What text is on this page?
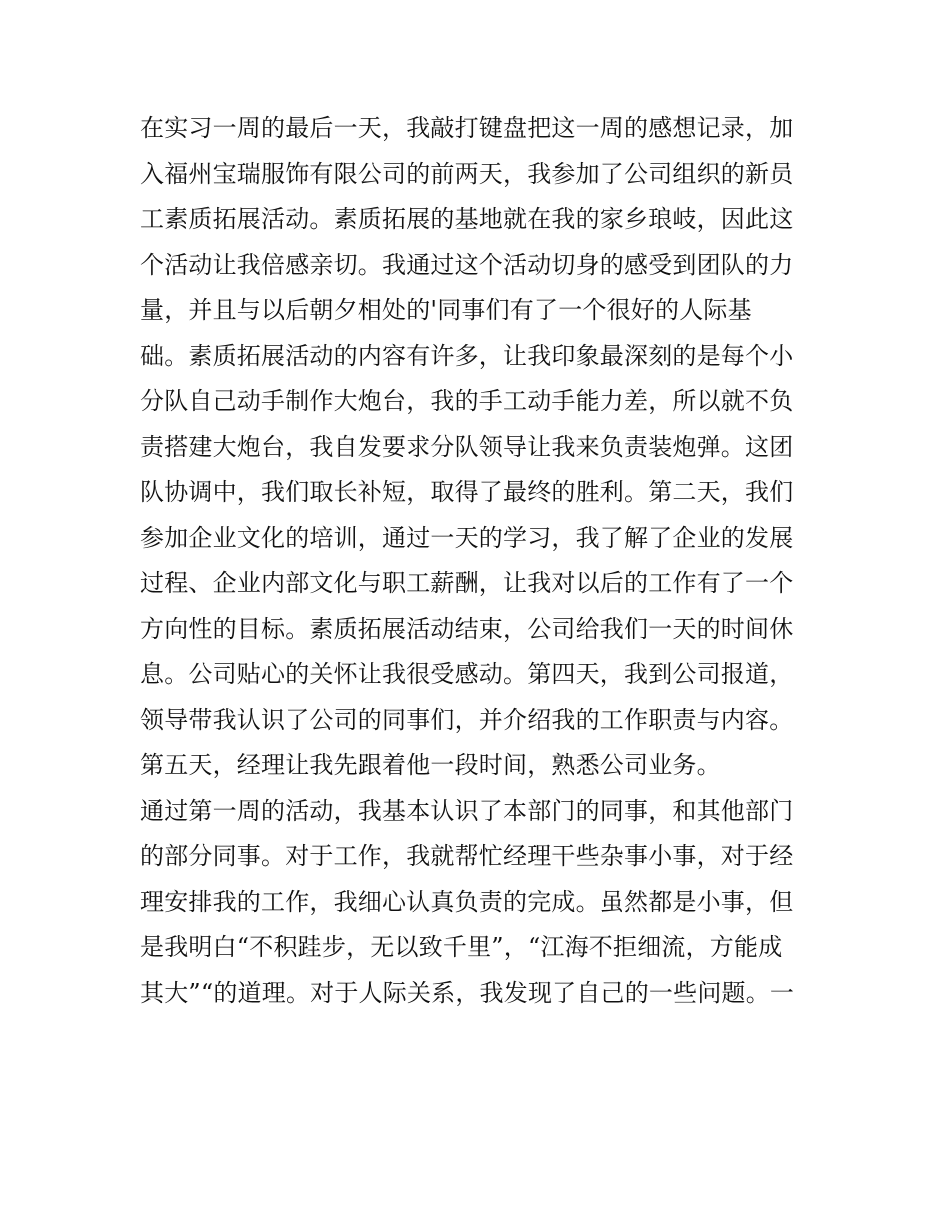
在实习一周的最后一天，我敲打键盘把这一周的感想记录，加
入福州宝瑞服饰有限公司的前两天，我参加了公司组织的新员
工素质拓展活动。素质拓展的基地就在我的家乡琅岐，因此这
个活动让我倍感亲切。我通过这个活动切身的感受到团队的力
量，并且与以后朝夕相处的'同事们有了一个很好的人际基
础。素质拓展活动的内容有许多，让我印象最深刻的是每个小
分队自己动手制作大炮台，我的手工动手能力差，所以就不负
责搭建大炮台，我自发要求分队领导让我来负责装炮弹。这团
队协调中，我们取长补短，取得了最终的胜利。第二天，我们
参加企业文化的培训，通过一天的学习，我了解了企业的发展
过程、企业内部文化与职工薪酬，让我对以后的工作有了一个
方向性的目标。素质拓展活动结束，公司给我们一天的时间休
息。公司贴心的关怀让我很受感动。第四天，我到公司报道，
领导带我认识了公司的同事们，并介绍我的工作职责与内容。
第五天，经理让我先跟着他一段时间，熟悉公司业务。
通过第一周的活动，我基本认识了本部门的同事，和其他部门
的部分同事。对于工作，我就帮忙经理干些杂事小事，对于经
理安排我的工作，我细心认真负责的完成。虽然都是小事，但
是我明白“不积跬步，无以致千里”，“江海不拒细流，方能成
其大”“的道理。对于人际关系，我发现了自己的一些问题。一
